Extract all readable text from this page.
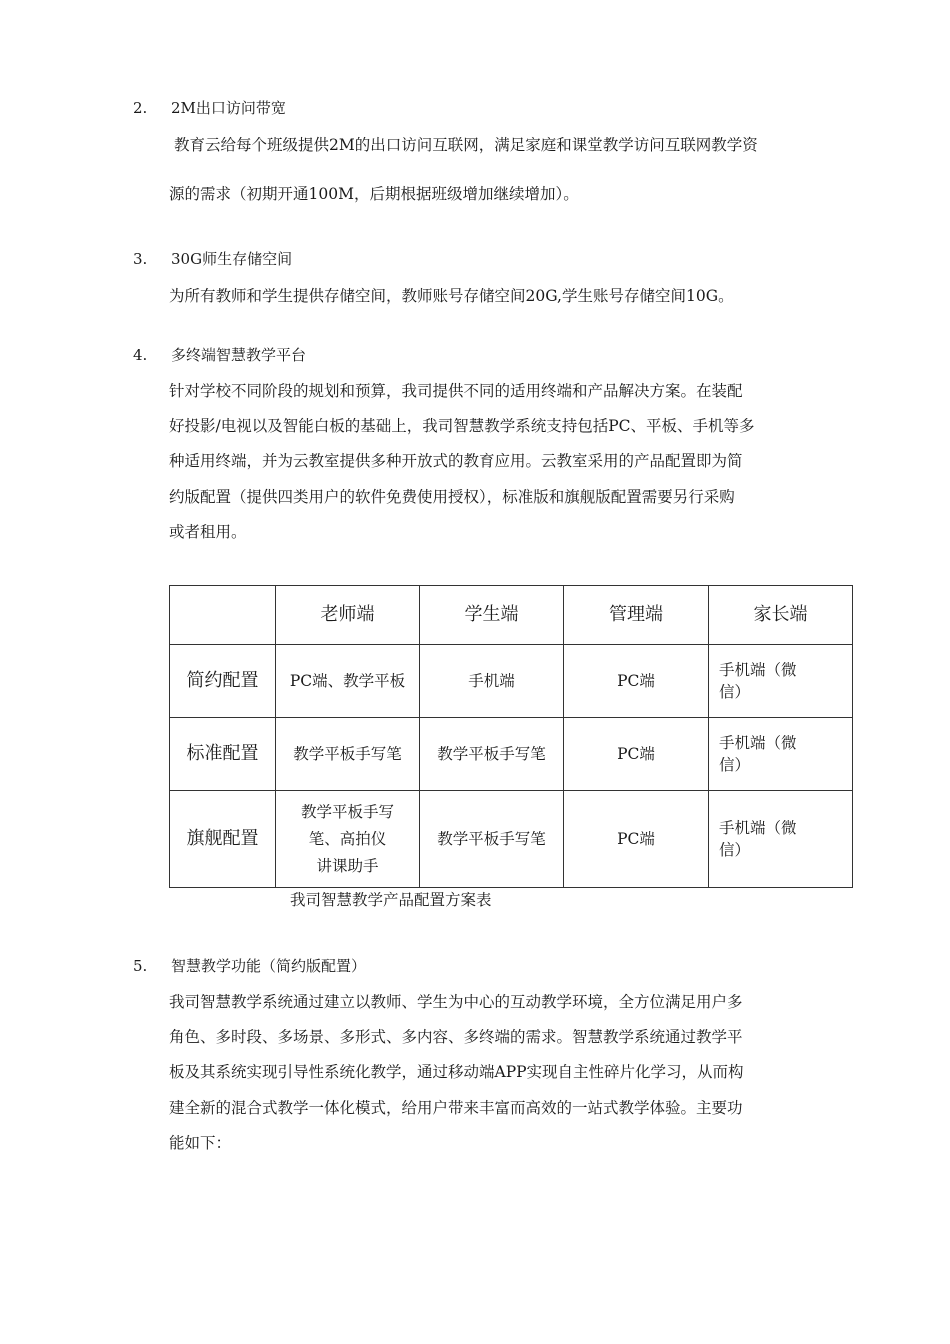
2. 2M出口访问带宽
教育云给每个班级提供2M的出口访问互联网，满足家庭和课堂教学访问互联网教学资
源的需求（初期开通100M，后期根据班级增加继续增加）。
3. 30G师生存储空间
为所有教师和学生提供存储空间，教师账号存储空间20G,学生账号存储空间10G。
4. 多终端智慧教学平台
针对学校不同阶段的规划和预算，我司提供不同的适用终端和产品解决方案。在装配
好投影/电视以及智能白板的基础上，我司智慧教学系统支持包括PC、平板、手机等多
种适用终端，并为云教室提供多种开放式的教育应用。云教室采用的产品配置即为简
约版配置（提供四类用户的软件免费使用授权），标准版和旗舰版配置需要另行采购
或者租用。
	老师端	学生端	管理端	家长端
简约配置	PC端、教学平板	手机端	PC端	手机端（微
信）
标准配置	教学平板手写笔	教学平板手写笔	PC端	手机端（微
信）
旗舰配置	教学平板手写
笔、高拍仪
讲课助手	教学平板手写笔	PC端	手机端（微
信）
我司智慧教学产品配置方案表
5. 智慧教学功能（简约版配置）
我司智慧教学系统通过建立以教师、学生为中心的互动教学环境，全方位满足用户多
角色、多时段、多场景、多形式、多内容、多终端的需求。智慧教学系统通过教学平
板及其系统实现引导性系统化教学，通过移动端APP实现自主性碎片化学习，从而构
建全新的混合式教学一体化模式，给用户带来丰富而高效的一站式教学体验。主要功
能如下：
